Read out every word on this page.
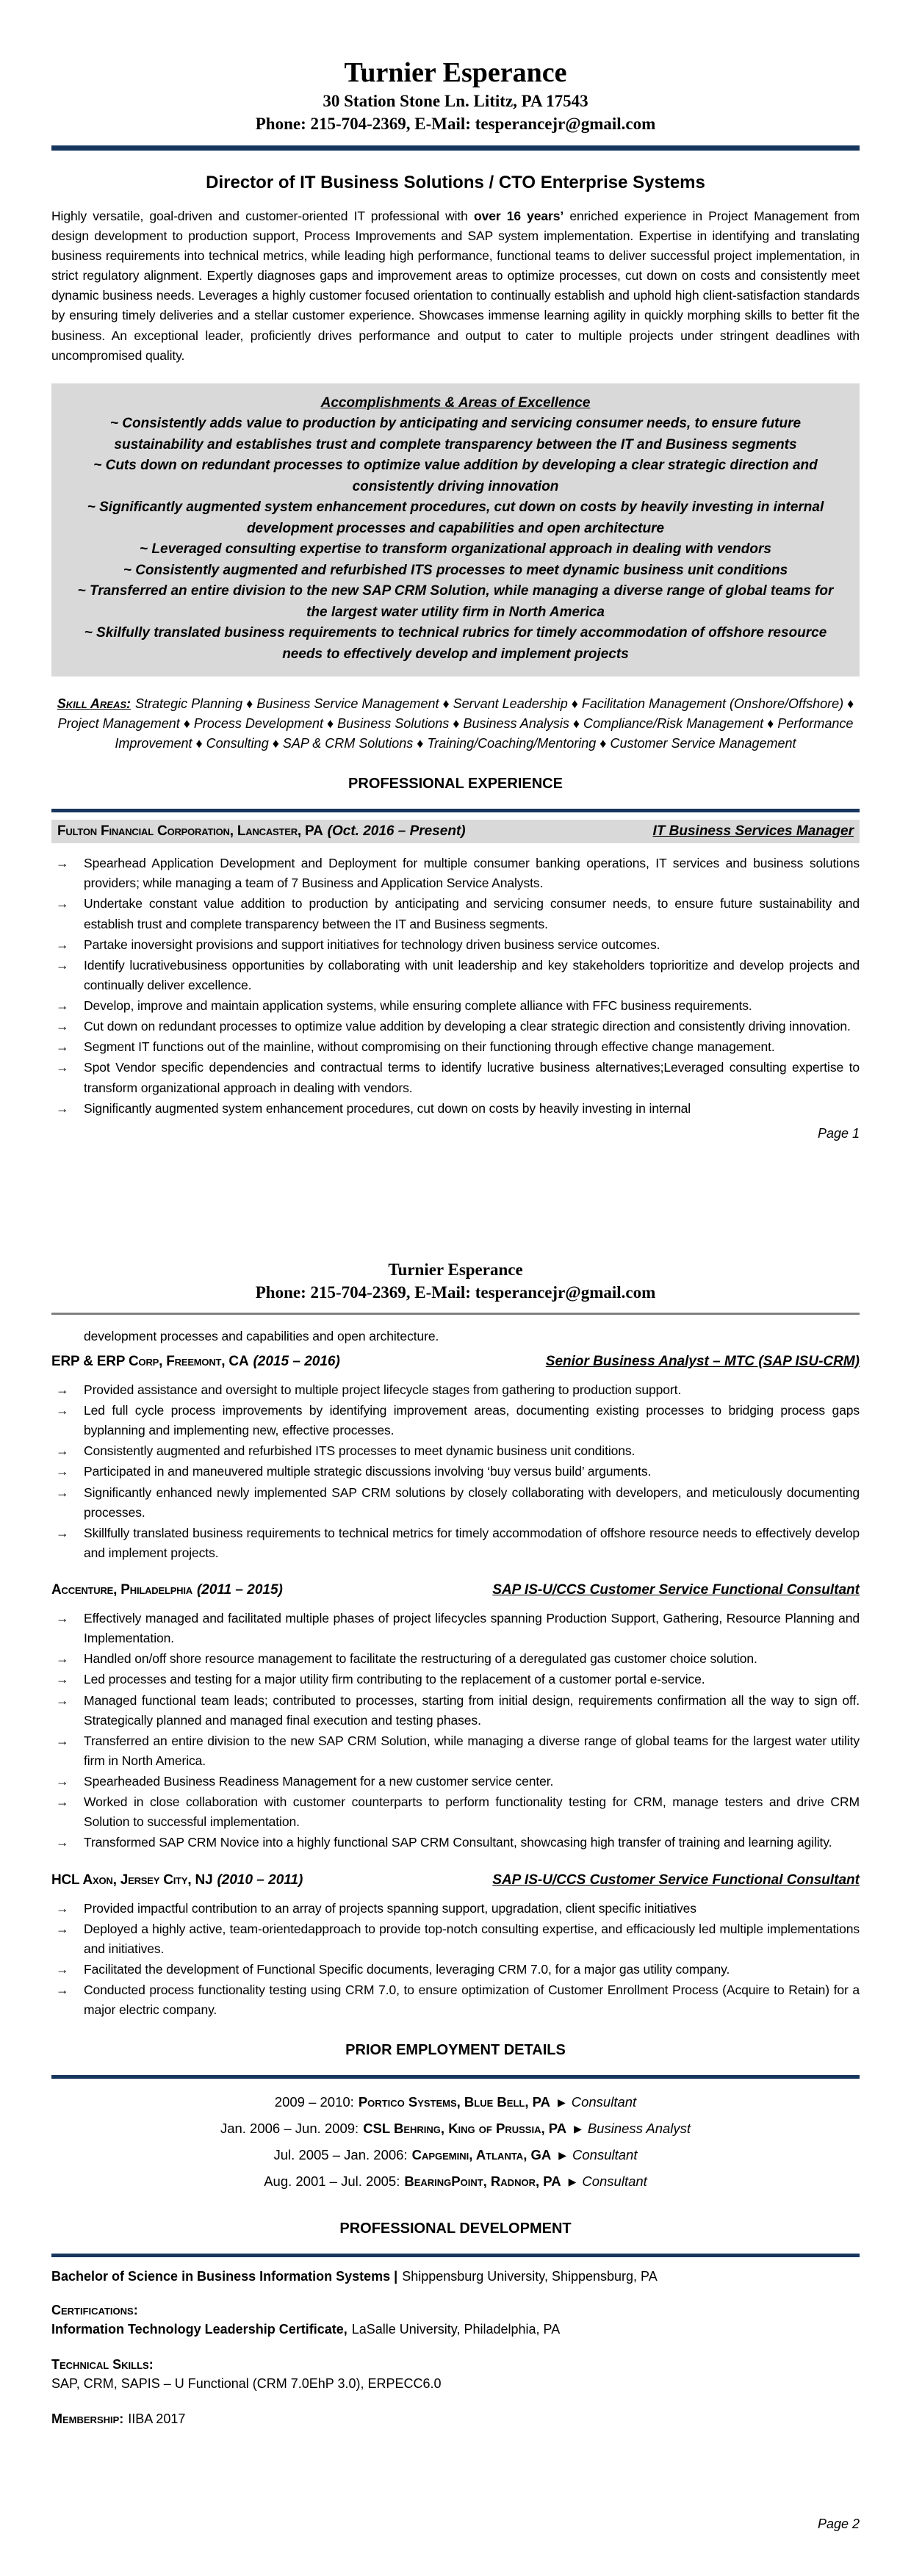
Turnier Esperance
30 Station Stone Ln. Lititz, PA 17543
Phone: 215-704-2369, E-Mail: tesperancejr@gmail.com
Director of IT Business Solutions / CTO Enterprise Systems

Highly versatile, goal-driven and customer-oriented IT professional with over 16 years’ enriched experience in Project Management from design development to production support, Process Improvements and SAP system implementation. Expertise in identifying and translating business requirements into technical metrics, while leading high performance, functional teams to deliver successful project implementation, in strict regulatory alignment. Expertly diagnoses gaps and improvement areas to optimize processes, cut down on costs and consistently meet dynamic business needs. Leverages a highly customer focused orientation to continually establish and uphold high client-satisfaction standards by ensuring timely deliveries and a stellar customer experience. Showcases immense learning agility in quickly morphing skills to better fit the business. An exceptional leader, proficiently drives performance and output to cater to multiple projects under stringent deadlines with uncompromised quality.

Accomplishments & Areas of Excellence
~ Consistently adds value to production by anticipating and servicing consumer needs, to ensure future sustainability and establishes trust and complete transparency between the IT and Business segments
~ Cuts down on redundant processes to optimize value addition by developing a clear strategic direction and consistently driving innovation
~ Significantly augmented system enhancement procedures, cut down on costs by heavily investing in internal development processes and capabilities and open architecture
~ Leveraged consulting expertise to transform organizational approach in dealing with vendors
~ Consistently augmented and refurbished ITS processes to meet dynamic business unit conditions
~ Transferred an entire division to the new SAP CRM Solution, while managing a diverse range of global teams for the largest water utility firm in North America
~ Skilfully translated business requirements to technical rubrics for timely accommodation of offshore resource needs to effectively develop and implement projects

Skill Areas: Strategic Planning ♦ Business Service Management ♦ Servant Leadership ♦ Facilitation Management (Onshore/Offshore) ♦ Project Management ♦ Process Development ♦ Business Solutions ♦ Business Analysis ♦ Compliance/Risk Management ♦ Performance Improvement ♦ Consulting ♦ SAP & CRM Solutions ♦ Training/Coaching/Mentoring ♦ Customer Service Management

PROFESSIONAL EXPERIENCE
Fulton Financial Corporation, Lancaster, PA (Oct. 2016 – Present)	IT Business Services Manager
→ Spearhead Application Development and Deployment for multiple consumer banking operations, IT services and business solutions providers; while managing a team of 7 Business and Application Service Analysts.
→ Undertake constant value addition to production by anticipating and servicing consumer needs, to ensure future sustainability and establish trust and complete transparency between the IT and Business segments.
→ Partake inoversight provisions and support initiatives for technology driven business service outcomes.
→ Identify lucrativebusiness opportunities by collaborating with unit leadership and key stakeholders toprioritize and develop projects and continually deliver excellence.
→ Develop, improve and maintain application systems, while ensuring complete alliance with FFC business requirements.
→ Cut down on redundant processes to optimize value addition by developing a clear strategic direction and consistently driving innovation.
→ Segment IT functions out of the mainline, without compromising on their functioning through effective change management.
→ Spot Vendor specific dependencies and contractual terms to identify lucrative business alternatives;Leveraged consulting expertise to transform organizational approach in dealing with vendors.
→ Significantly augmented system enhancement procedures, cut down on costs by heavily investing in internal
Page 1
Turnier Esperance
Phone: 215-704-2369, E-Mail: tesperancejr@gmail.com
development processes and capabilities and open architecture.
ERP & ERP Corp, Freemont, CA (2015 – 2016)	Senior Business Analyst – MTC (SAP ISU-CRM)
→ Provided assistance and oversight to multiple project lifecycle stages from gathering to production support.
→ Led full cycle process improvements by identifying improvement areas, documenting existing processes to bridging process gaps byplanning and implementing new, effective processes.
→ Consistently augmented and refurbished ITS processes to meet dynamic business unit conditions.
→ Participated in and maneuvered multiple strategic discussions involving ‘buy versus build’ arguments.
→ Significantly enhanced newly implemented SAP CRM solutions by closely collaborating with developers, and meticulously documenting processes.
→ Skillfully translated business requirements to technical metrics for timely accommodation of offshore resource needs to effectively develop and implement projects.
Accenture, Philadelphia (2011 – 2015)	SAP IS-U/CCS Customer Service Functional Consultant
→ Effectively managed and facilitated multiple phases of project lifecycles spanning Production Support, Gathering, Resource Planning and Implementation.
→ Handled on/off shore resource management to facilitate the restructuring of a deregulated gas customer choice solution.
→ Led processes and testing for a major utility firm contributing to the replacement of a customer portal e-service.
→ Managed functional team leads; contributed to processes, starting from initial design, requirements confirmation all the way to sign off. Strategically planned and managed final execution and testing phases.
→ Transferred an entire division to the new SAP CRM Solution, while managing a diverse range of global teams for the largest water utility firm in North America.
→ Spearheaded Business Readiness Management for a new customer service center.
→ Worked in close collaboration with customer counterparts to perform functionality testing for CRM, manage testers and drive CRM Solution to successful implementation.
→ Transformed SAP CRM Novice into a highly functional SAP CRM Consultant, showcasing high transfer of training and learning agility.
HCL Axon, Jersey City, NJ (2010 – 2011)	SAP IS-U/CCS Customer Service Functional Consultant
→ Provided impactful contribution to an array of projects spanning support, upgradation, client specific initiatives
→ Deployed a highly active, team-orientedapproach to provide top-notch consulting expertise, and efficaciously led multiple implementations and initiatives.
→ Facilitated the development of Functional Specific documents, leveraging CRM 7.0, for a major gas utility company.
→ Conducted process functionality testing using CRM 7.0, to ensure optimization of Customer Enrollment Process (Acquire to Retain) for a major electric company.
PRIOR EMPLOYMENT DETAILS
2009 – 2010: Portico Systems, Blue Bell, PA ▶ Consultant
Jan. 2006 – Jun. 2009: CSL Behring, King of Prussia, PA ▶ Business Analyst
Jul. 2005 – Jan. 2006: Capgemini, Atlanta, GA ▶ Consultant
Aug. 2001 – Jul. 2005: BearingPoint, Radnor, PA ▶ Consultant
PROFESSIONAL DEVELOPMENT
Bachelor of Science in Business Information Systems | Shippensburg University, Shippensburg, PA
Certifications:
Information Technology Leadership Certificate, LaSalle University, Philadelphia, PA
Technical Skills:
SAP, CRM, SAPIS – U Functional (CRM 7.0EhP 3.0), ERPECC6.0
Membership: IIBA 2017
Page 2
